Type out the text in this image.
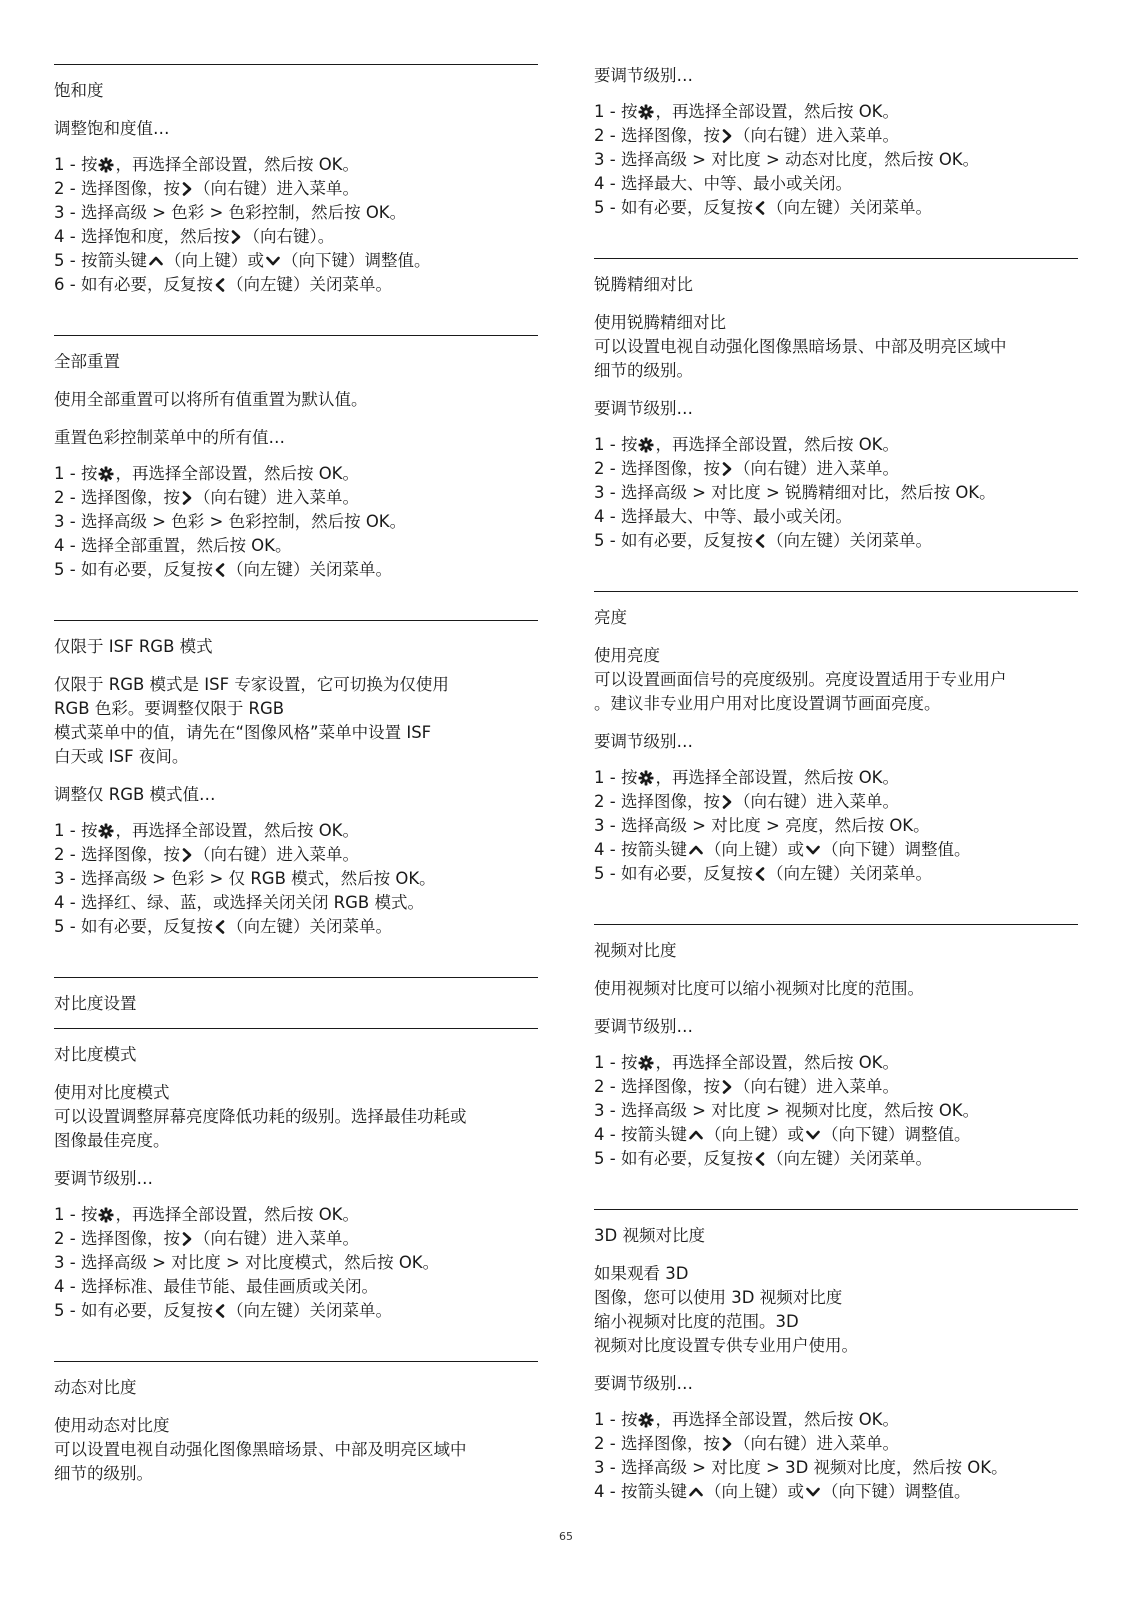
饱和度
调整饱和度值…
1 - 按 ，再选择全部设置，然后按 OK。
2 - 选择图像，按 （向右键）进入菜单。
3 - 选择高级 > 色彩 > 色彩控制，然后按 OK。
4 - 选择饱和度，然后按 （向右键）。
5 - 按箭头键 （向上键）或 （向下键）调整值。
6 - 如有必要，反复按 （向左键）关闭菜单。
全部重置
使用全部重置可以将所有值重置为默认值。
重置色彩控制菜单中的所有值…
1 - 按 ，再选择全部设置，然后按 OK。
2 - 选择图像，按 （向右键）进入菜单。
3 - 选择高级 > 色彩 > 色彩控制，然后按 OK。
4 - 选择全部重置，然后按 OK。
5 - 如有必要，反复按 （向左键）关闭菜单。
仅限于 ISF RGB 模式
仅限于 RGB 模式是 ISF 专家设置，它可切换为仅使用
RGB 色彩。要调整仅限于 RGB
模式菜单中的值，请先在“图像风格”菜单中设置 ISF
白天或 ISF 夜间。
调整仅 RGB 模式值…
1 - 按 ，再选择全部设置，然后按 OK。
2 - 选择图像，按 （向右键）进入菜单。
3 - 选择高级 > 色彩 > 仅 RGB 模式，然后按 OK。
4 - 选择红、绿、蓝，或选择关闭关闭 RGB 模式。
5 - 如有必要，反复按 （向左键）关闭菜单。
对比度设置
对比度模式
使用对比度模式
可以设置调整屏幕亮度降低功耗的级别。选择最佳功耗或
图像最佳亮度。
要调节级别…
1 - 按 ，再选择全部设置，然后按 OK。
2 - 选择图像，按 （向右键）进入菜单。
3 - 选择高级 > 对比度 > 对比度模式，然后按 OK。
4 - 选择标准、最佳节能、最佳画质或关闭。
5 - 如有必要，反复按 （向左键）关闭菜单。
动态对比度
使用动态对比度
可以设置电视自动强化图像黑暗场景、中部及明亮区域中
细节的级别。
要调节级别…
1 - 按 ，再选择全部设置，然后按 OK。
2 - 选择图像，按 （向右键）进入菜单。
3 - 选择高级 > 对比度 > 动态对比度，然后按 OK。
4 - 选择最大、中等、最小或关闭。
5 - 如有必要，反复按 （向左键）关闭菜单。
锐腾精细对比
使用锐腾精细对比
可以设置电视自动强化图像黑暗场景、中部及明亮区域中
细节的级别。
要调节级别…
1 - 按 ，再选择全部设置，然后按 OK。
2 - 选择图像，按 （向右键）进入菜单。
3 - 选择高级 > 对比度 > 锐腾精细对比，然后按 OK。
4 - 选择最大、中等、最小或关闭。
5 - 如有必要，反复按 （向左键）关闭菜单。
亮度
使用亮度
可以设置画面信号的亮度级别。亮度设置适用于专业用户
。建议非专业用户用对比度设置调节画面亮度。
要调节级别…
1 - 按 ，再选择全部设置，然后按 OK。
2 - 选择图像，按 （向右键）进入菜单。
3 - 选择高级 > 对比度 > 亮度，然后按 OK。
4 - 按箭头键 （向上键）或 （向下键）调整值。
5 - 如有必要，反复按 （向左键）关闭菜单。
视频对比度
使用视频对比度可以缩小视频对比度的范围。
要调节级别…
1 - 按 ，再选择全部设置，然后按 OK。
2 - 选择图像，按 （向右键）进入菜单。
3 - 选择高级 > 对比度 > 视频对比度，然后按 OK。
4 - 按箭头键 （向上键）或 （向下键）调整值。
5 - 如有必要，反复按 （向左键）关闭菜单。
3D 视频对比度
如果观看 3D
图像，您可以使用 3D 视频对比度
缩小视频对比度的范围。3D
视频对比度设置专供专业用户使用。
要调节级别…
1 - 按 ，再选择全部设置，然后按 OK。
2 - 选择图像，按 （向右键）进入菜单。
3 - 选择高级 > 对比度 > 3D 视频对比度，然后按 OK。
4 - 按箭头键 （向上键）或 （向下键）调整值。
65
